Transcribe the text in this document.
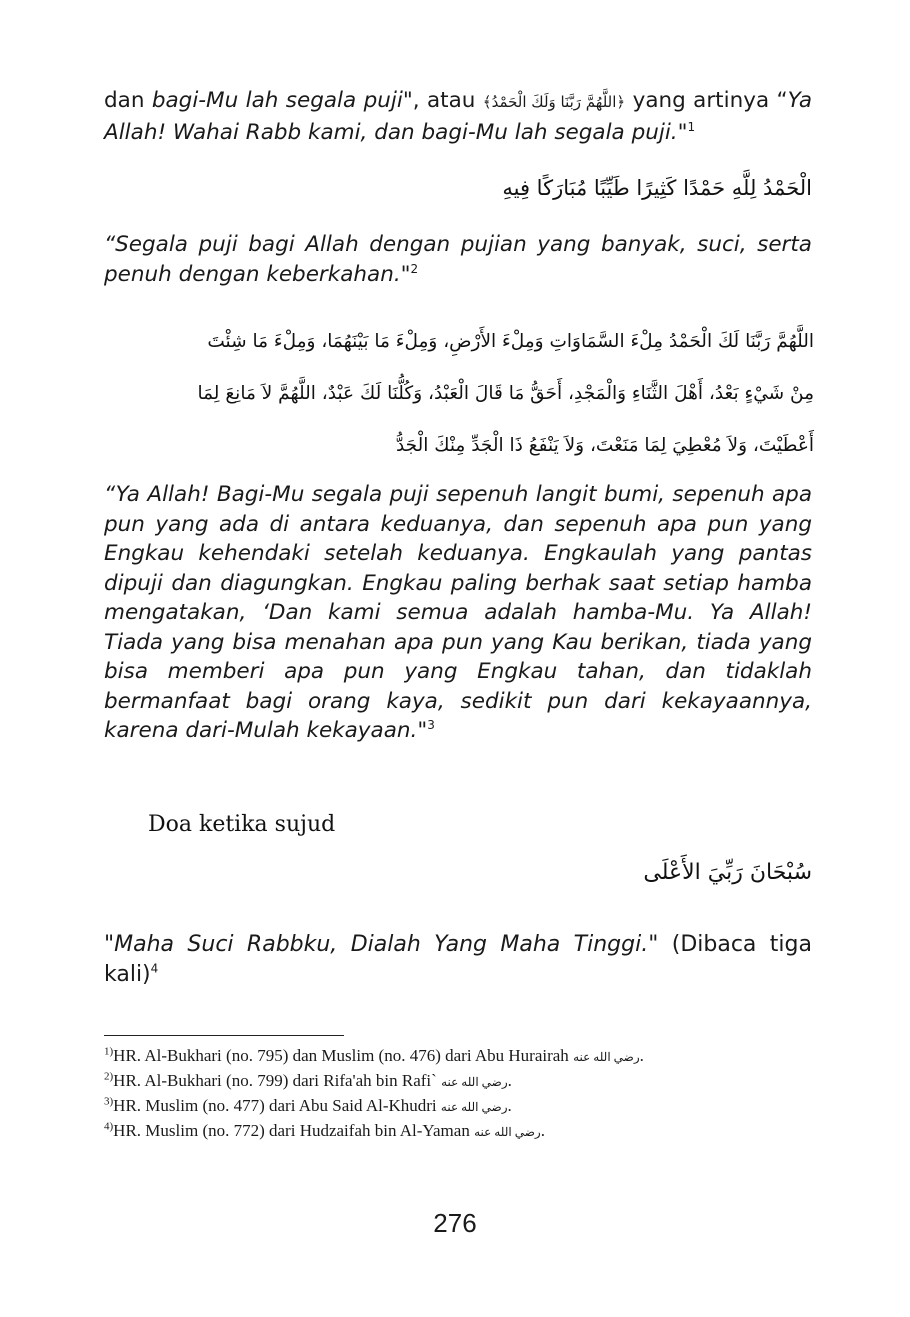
dan bagi-Mu lah segala puji", atau ﴿اللَّهُمَّ رَبَّنَا وَلَكَ الْحَمْدُ﴾ yang artinya “Ya Allah! Wahai Rabb kami, dan bagi-Mu lah segala puji."$^1$
الْحَمْدُ لِلَّهِ حَمْدًا كَثِيرًا طَيِّبًا مُبَارَكًا فِيهِ
“Segala puji bagi Allah dengan pujian yang banyak, suci, serta penuh dengan keberkahan."$^2$
اللَّهُمَّ رَبَّنَا لَكَ الْحَمْدُ مِلْءَ السَّمَاوَاتِ وَمِلْءَ الأَرْضِ، وَمِلْءَ مَا بَيْنَهُمَا، وَمِلْءَ مَا شِئْتَ
مِنْ شَيْءٍ بَعْدُ، أَهْلَ الثَّنَاءِ وَالْمَجْدِ، أَحَقُّ مَا قَالَ الْعَبْدُ، وَكُلُّنَا لَكَ عَبْدٌ، اللَّهُمَّ لاَ مَانِعَ لِمَا
أَعْطَيْتَ، وَلاَ مُعْطِيَ لِمَا مَنَعْتَ، وَلاَ يَنْفَعُ ذَا الْجَدِّ مِنْكَ الْجَدُّ
“Ya Allah! Bagi-Mu segala puji sepenuh langit bumi, sepenuh apa pun yang ada di antara keduanya, dan sepenuh apa pun yang Engkau kehendaki setelah keduanya. Engkaulah yang pantas dipuji dan diagungkan. Engkau paling berhak saat setiap hamba mengatakan, ‘Dan kami semua adalah hamba-Mu. Ya Allah! Tiada yang bisa menahan apa pun yang Kau berikan, tiada yang bisa memberi apa pun yang Engkau tahan, dan tidaklah bermanfaat bagi orang kaya, sedikit pun dari kekayaannya, karena dari-Mulah kekayaan."$^3$
Doa ketika sujud
سُبْحَانَ رَبِّيَ الأَعْلَى
"Maha Suci Rabbku, Dialah Yang Maha Tinggi." (Dibaca tiga kali)$^4$
$^{1)}$HR. Al-Bukhari (no. 795) dan Muslim (no. 476) dari Abu Hurairah رضي الله عنه.
$^{2)}$HR. Al-Bukhari (no. 799) dari Rifa'ah bin Rafi` رضي الله عنه.
$^{3)}$HR. Muslim (no. 477) dari Abu Said Al-Khudri رضي الله عنه.
$^{4)}$HR. Muslim (no. 772) dari Hudzaifah bin Al-Yaman رضي الله عنه.
276
